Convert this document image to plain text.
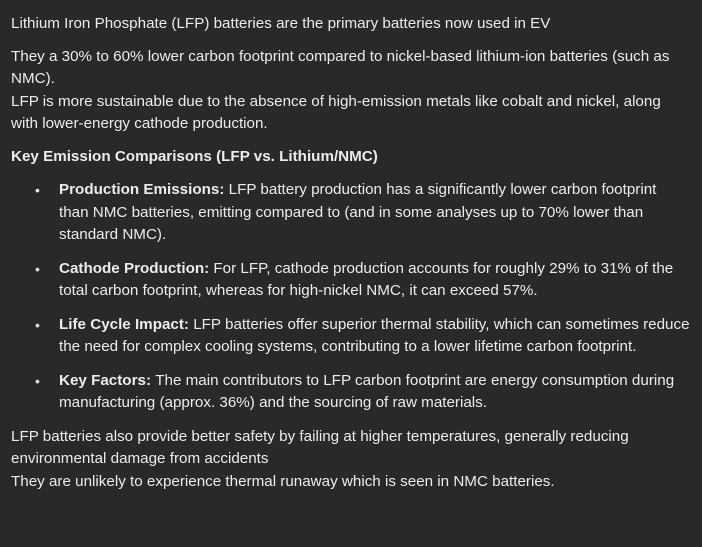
Lithium Iron Phosphate (LFP) batteries are the primary batteries now used in EV

They a 30% to 60% lower carbon footprint compared to nickel-based lithium-ion batteries (such as NMC).

LFP is more sustainable due to the absence of high-emission metals like cobalt and nickel, along with lower-energy cathode production.

Key Emission Comparisons (LFP vs. Lithium/NMC)

• Production Emissions: LFP battery production has a significantly lower carbon footprint than NMC batteries, emitting compared to (and in some analyses up to 70% lower than standard NMC).
• Cathode Production: For LFP, cathode production accounts for roughly 29% to 31% of the total carbon footprint, whereas for high-nickel NMC, it can exceed 57%.
• Life Cycle Impact: LFP batteries offer superior thermal stability, which can sometimes reduce the need for complex cooling systems, contributing to a lower lifetime carbon footprint.
• Key Factors: The main contributors to LFP carbon footprint are energy consumption during manufacturing (approx. 36%) and the sourcing of raw materials.

LFP batteries also provide better safety by failing at higher temperatures, generally reducing environmental damage from accidents

They are unlikely to experience thermal runaway which is seen in NMC batteries.
